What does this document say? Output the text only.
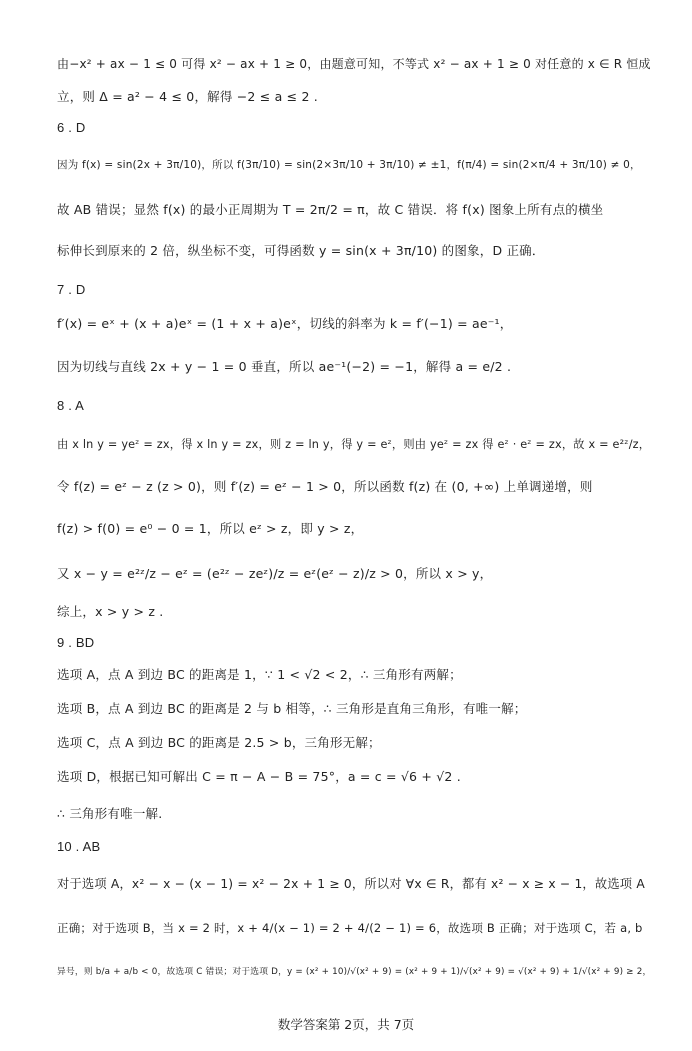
由−x² + ax − 1 ≤ 0 可得 x² − ax + 1 ≥ 0，由题意可知，不等式 x² − ax + 1 ≥ 0 对任意的 x ∈ R 恒成
立，则 Δ = a² − 4 ≤ 0，解得 −2 ≤ a ≤ 2 .
6 . D
因为 f(x) = sin(2x + 3π/10)，所以 f(3π/10) = sin(2×3π/10 + 3π/10) ≠ ±1，f(π/4) = sin(2×π/4 + 3π/10) ≠ 0，
故 AB 错误；显然 f(x) 的最小正周期为 T = 2π/2 = π，故 C 错误．将 f(x) 图象上所有点的横坐
标伸长到原来的 2 倍，纵坐标不变，可得函数 y = sin(x + 3π/10) 的图象，D 正确．
7 . D
f′(x) = eˣ + (x + a)eˣ = (1 + x + a)eˣ，切线的斜率为 k = f′(−1) = ae⁻¹，
因为切线与直线 2x + y − 1 = 0 垂直，所以 ae⁻¹(−2) = −1，解得 a = e/2 .
8 . A
由 x ln y = yeᶻ = zx，得 x ln y = zx，则 z = ln y，得 y = eᶻ，则由 yeᶻ = zx 得 eᶻ · eᶻ = zx，故 x = e²ᶻ/z，
令 f(z) = eᶻ − z (z > 0)，则 f′(z) = eᶻ − 1 > 0，所以函数 f(z) 在 (0, +∞) 上单调递增，则
f(z) > f(0) = e⁰ − 0 = 1，所以 eᶻ > z，即 y > z，
又 x − y = e²ᶻ/z − eᶻ = (e²ᶻ − zeᶻ)/z = eᶻ(eᶻ − z)/z > 0，所以 x > y，
综上，x > y > z .
9 . BD
选项 A，点 A 到边 BC 的距离是 1，∵ 1 < √2 < 2，∴ 三角形有两解；
选项 B，点 A 到边 BC 的距离是 2 与 b 相等，∴ 三角形是直角三角形，有唯一解；
选项 C，点 A 到边 BC 的距离是 2.5 > b，三角形无解；
选项 D，根据已知可解出 C = π − A − B = 75°，a = c = √6 + √2 .
∴ 三角形有唯一解.
10 . AB
对于选项 A，x² − x − (x − 1) = x² − 2x + 1 ≥ 0，所以对 ∀x ∈ R，都有 x² − x ≥ x − 1，故选项 A
正确；对于选项 B，当 x = 2 时，x + 4/(x − 1) = 2 + 4/(2 − 1) = 6，故选项 B 正确；对于选项 C，若 a, b
异号，则 b/a + a/b < 0，故选项 C 错误；对于选项 D，y = (x² + 10)/√(x² + 9) = (x² + 9 + 1)/√(x² + 9) = √(x² + 9) + 1/√(x² + 9) ≥ 2，
数学答案第 2页，共 7页
